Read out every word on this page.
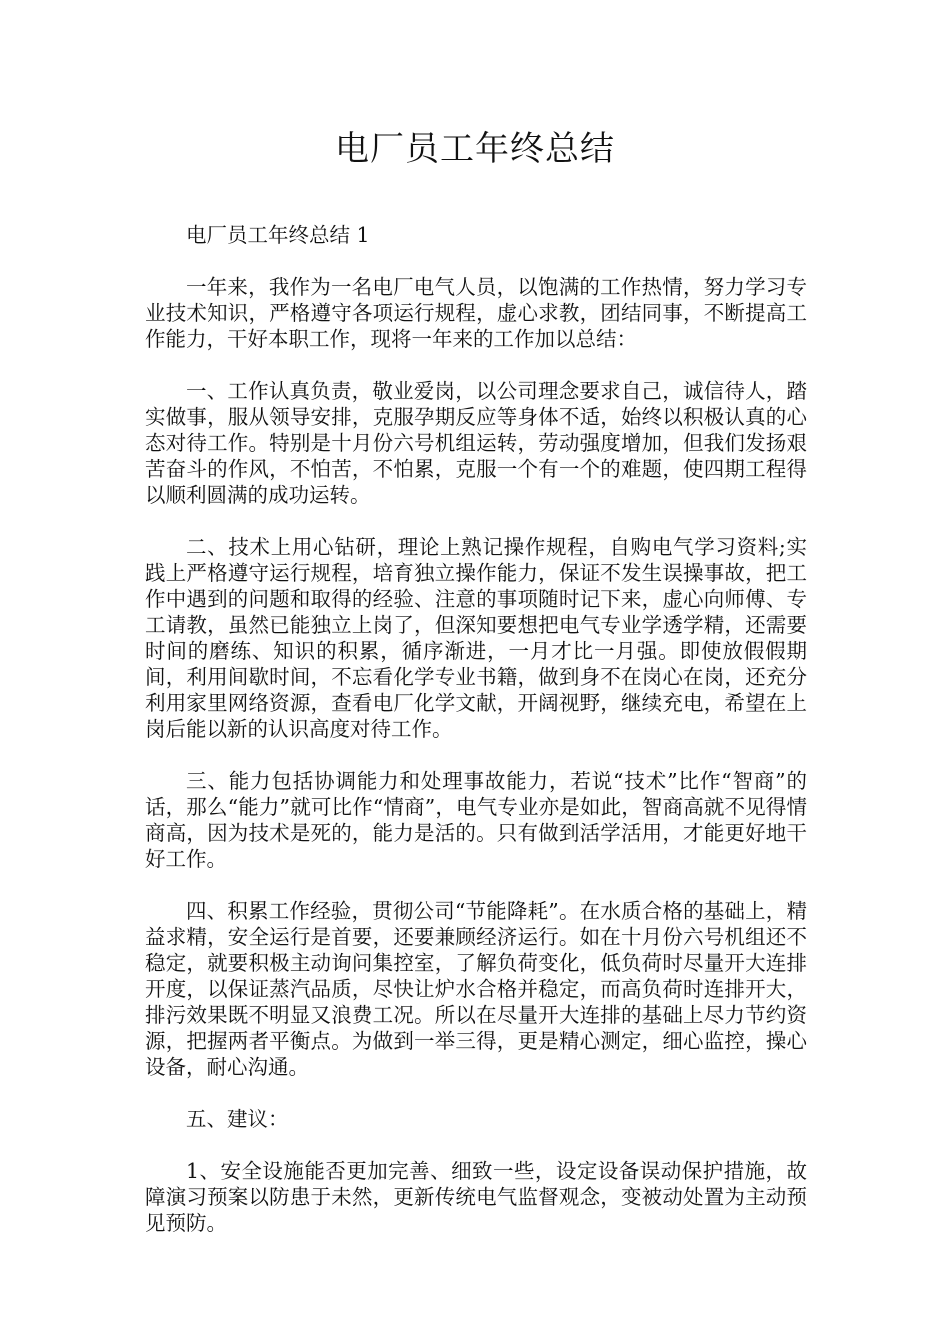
电厂员工年终总结

电厂员工年终总结 1

一年来，我作为一名电厂电气人员，以饱满的工作热情，努力学习专业技术知识，严格遵守各项运行规程，虚心求教，团结同事，不断提高工作能力，干好本职工作，现将一年来的工作加以总结：

一、工作认真负责，敬业爱岗，以公司理念要求自己，诚信待人，踏实做事，服从领导安排，克服孕期反应等身体不适，始终以积极认真的心态对待工作。特别是十月份六号机组运转，劳动强度增加，但我们发扬艰苦奋斗的作风，不怕苦，不怕累，克服一个有一个的难题，使四期工程得以顺利圆满的成功运转。

二、技术上用心钻研，理论上熟记操作规程，自购电气学习资料;实践上严格遵守运行规程，培育独立操作能力，保证不发生误操事故，把工作中遇到的问题和取得的经验、注意的事项随时记下来，虚心向师傅、专工请教，虽然已能独立上岗了，但深知要想把电气专业学透学精，还需要时间的磨练、知识的积累，循序渐进，一月才比一月强。即使放假假期间，利用间歇时间，不忘看化学专业书籍，做到身不在岗心在岗，还充分利用家里网络资源，查看电厂化学文献，开阔视野，继续充电，希望在上岗后能以新的认识高度对待工作。

三、能力包括协调能力和处理事故能力，若说“技术”比作“智商”的话，那么“能力”就可比作“情商”，电气专业亦是如此，智商高就不见得情商高，因为技术是死的，能力是活的。只有做到活学活用，才能更好地干好工作。

四、积累工作经验，贯彻公司“节能降耗”。在水质合格的基础上，精益求精，安全运行是首要，还要兼顾经济运行。如在十月份六号机组还不稳定，就要积极主动询问集控室，了解负荷变化，低负荷时尽量开大连排开度，以保证蒸汽品质，尽快让炉水合格并稳定，而高负荷时连排开大，排污效果既不明显又浪费工况。所以在尽量开大连排的基础上尽力节约资源，把握两者平衡点。为做到一举三得，更是精心测定，细心监控，操心设备，耐心沟通。

五、建议：

1、安全设施能否更加完善、细致一些，设定设备误动保护措施，故障演习预案以防患于未然，更新传统电气监督观念，变被动处置为主动预见预防。
